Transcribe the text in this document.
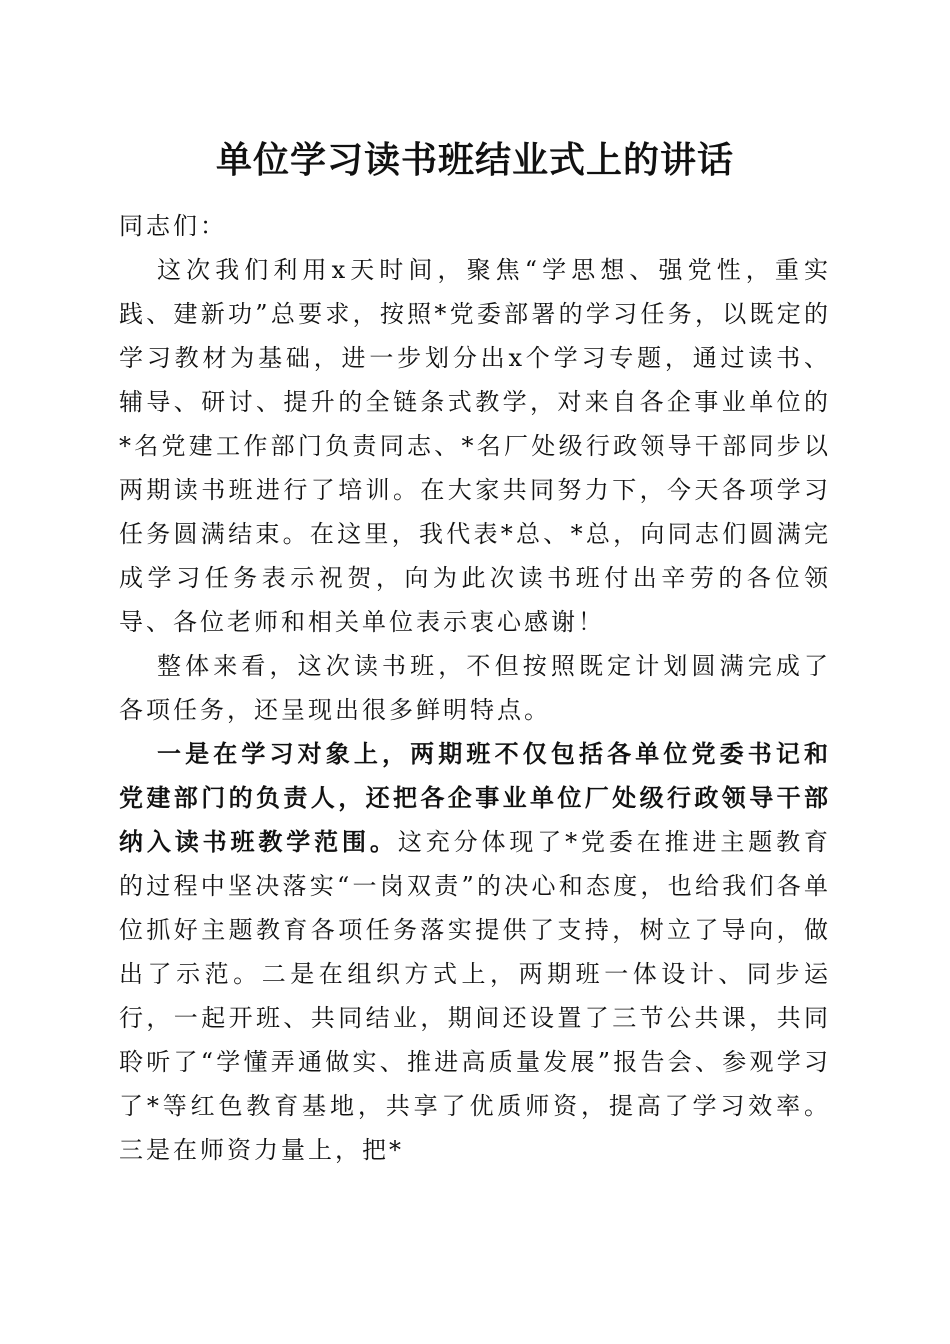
单位学习读书班结业式上的讲话

同志们：

这次我们利用x天时间，聚焦“学思想、强党性，重实践、建新功”总要求，按照*党委部署的学习任务，以既定的学习教材为基础，进一步划分出x个学习专题，通过读书、辅导、研讨、提升的全链条式教学，对来自各企事业单位的*名党建工作部门负责同志、*名厂处级行政领导干部同步以两期读书班进行了培训。在大家共同努力下，今天各项学习任务圆满结束。在这里，我代表*总、*总，向同志们圆满完成学习任务表示祝贺，向为此次读书班付出辛劳的各位领导、各位老师和相关单位表示衷心感谢！

整体来看，这次读书班，不但按照既定计划圆满完成了各项任务，还呈现出很多鲜明特点。

一是在学习对象上，两期班不仅包括各单位党委书记和党建部门的负责人，还把各企事业单位厂处级行政领导干部纳入读书班教学范围。这充分体现了*党委在推进主题教育的过程中坚决落实“一岗双责”的决心和态度，也给我们各单位抓好主题教育各项任务落实提供了支持，树立了导向，做出了示范。二是在组织方式上，两期班一体设计、同步运行，一起开班、共同结业，期间还设置了三节公共课，共同聆听了“学懂弄通做实、推进高质量发展”报告会、参观学习了*等红色教育基地，共享了优质师资，提高了学习效率。三是在师资力量上，把*
